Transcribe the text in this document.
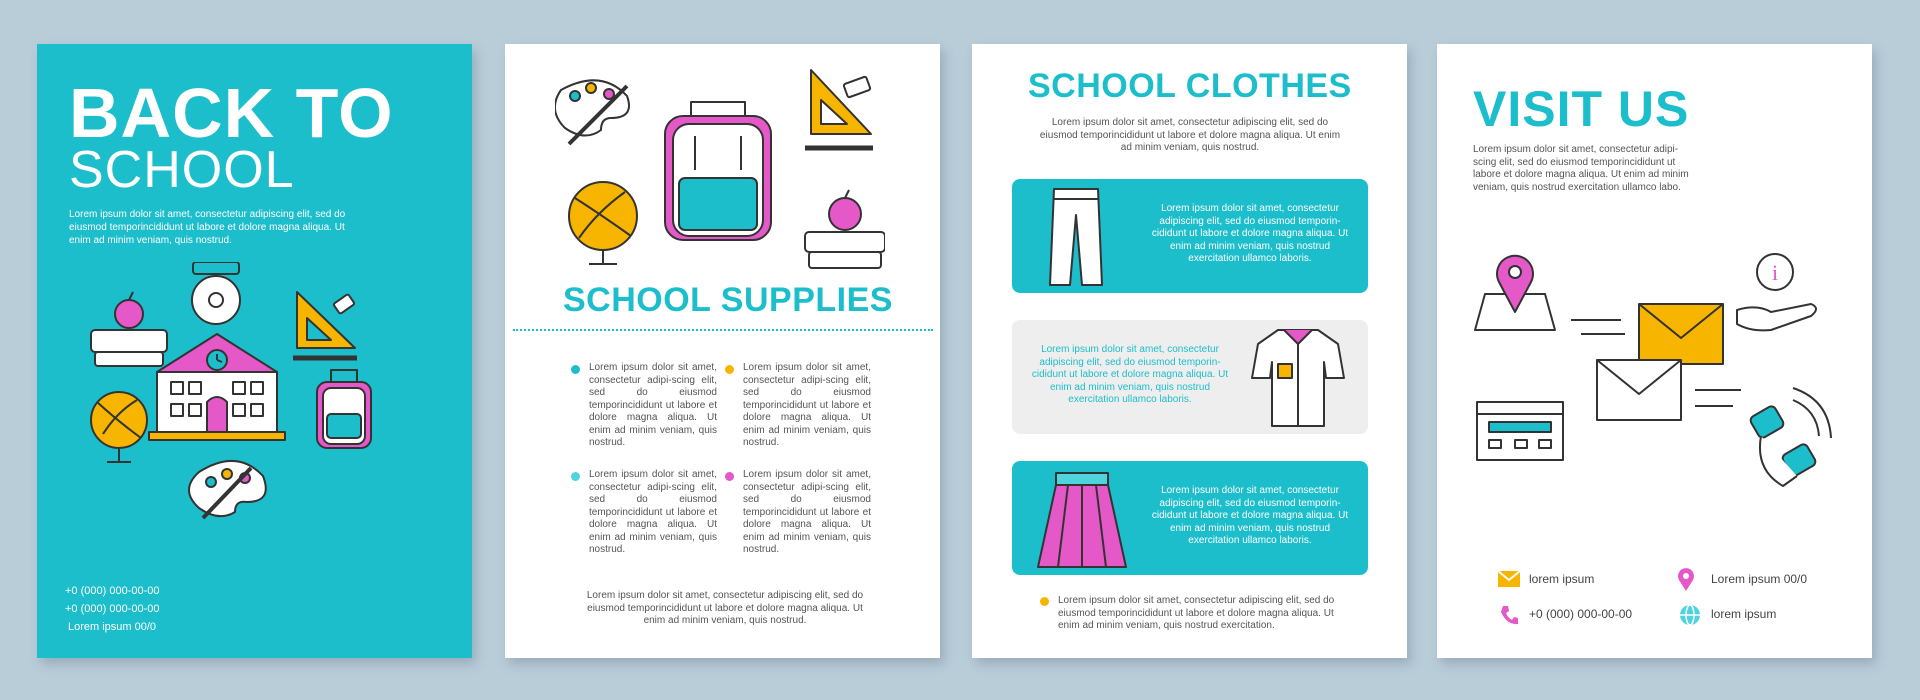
BACK TO
SCHOOL
Lorem ipsum dolor sit amet, consectetur adipiscing elit, sed do eiusmod temporincididunt ut labore et dolore magna aliqua. Ut enim ad minim veniam, quis nostrud.
+0 (000) 000-00-00
+0 (000) 000-00-00
Lorem ipsum 00/0
SCHOOL SUPPLIES
Lorem ipsum dolor sit amet, consectetur adipi-scing elit, sed do eiusmod temporincididunt ut labore et dolore magna aliqua. Ut enim ad minim veniam, quis nostrud.
Lorem ipsum dolor sit amet, consectetur adipi-scing elit, sed do eiusmod temporincididunt ut labore et dolore magna aliqua. Ut enim ad minim veniam, quis nostrud.
Lorem ipsum dolor sit amet, consectetur adipi-scing elit, sed do eiusmod temporincididunt ut labore et dolore magna aliqua. Ut enim ad minim veniam, quis nostrud.
Lorem ipsum dolor sit amet, consectetur adipi-scing elit, sed do eiusmod temporincididunt ut labore et dolore magna aliqua. Ut enim ad minim veniam, quis nostrud.
Lorem ipsum dolor sit amet, consectetur adipiscing elit, sed do eiusmod temporincididunt ut labore et dolore magna aliqua. Ut enim ad minim veniam, quis nostrud.
SCHOOL CLOTHES
Lorem ipsum dolor sit amet, consectetur adipiscing elit, sed do eiusmod temporincididunt ut labore et dolore magna aliqua. Ut enim ad minim veniam, quis nostrud.
Lorem ipsum dolor sit amet, consectetur adipiscing elit, sed do eiusmod temporin-cididunt ut labore et dolore magna aliqua. Ut enim ad minim veniam, quis nostrud exercitation ullamco laboris.
Lorem ipsum dolor sit amet, consectetur adipiscing elit, sed do eiusmod temporin-cididunt ut labore et dolore magna aliqua. Ut enim ad minim veniam, quis nostrud exercitation ullamco laboris.
Lorem ipsum dolor sit amet, consectetur adipiscing elit, sed do eiusmod temporin-cididunt ut labore et dolore magna aliqua. Ut enim ad minim veniam, quis nostrud exercitation ullamco laboris.
Lorem ipsum dolor sit amet, consectetur adipiscing elit, sed do eiusmod temporincididunt ut labore et dolore magna aliqua. Ut enim ad minim veniam, quis nostrud exercitation.
VISIT US
Lorem ipsum dolor sit amet, consectetur adipi-scing elit, sed do eiusmod temporincididunt ut labore et dolore magna aliqua. Ut enim ad minim veniam, quis nostrud exercitation ullamco labo.
i
lorem ipsum	Lorem ipsum 00/0
+0 (000) 000-00-00	lorem ipsum
